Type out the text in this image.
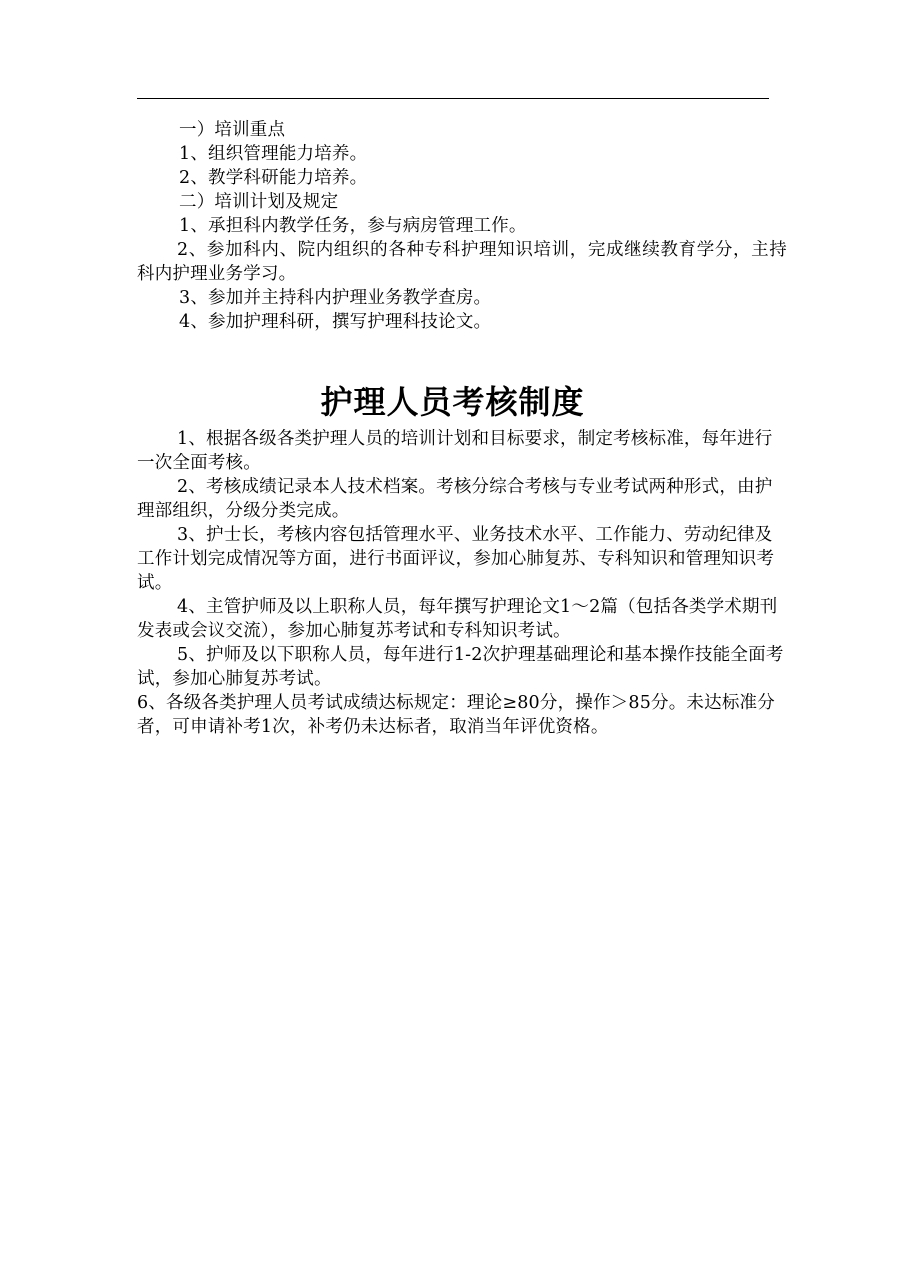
一）培训重点
1、组织管理能力培养。
2、教学科研能力培养。
二）培训计划及规定
1、承担科内教学任务，参与病房管理工作。
2、参加科内、院内组织的各种专科护理知识培训，完成继续教育学分，主持科内护理业务学习。
3、参加并主持科内护理业务教学查房。
4、参加护理科研，撰写护理科技论文。
护理人员考核制度

1、根据各级各类护理人员的培训计划和目标要求，制定考核标准，每年进行一次全面考核。

2、考核成绩记录本人技术档案。考核分综合考核与专业考试两种形式，由护理部组织，分级分类完成。

3、护士长，考核内容包括管理水平、业务技术水平、工作能力、劳动纪律及工作计划完成情况等方面，进行书面评议，参加心肺复苏、专科知识和管理知识考试。

4、主管护师及以上职称人员，每年撰写护理论文1～2篇（包括各类学术期刊发表或会议交流），参加心肺复苏考试和专科知识考试。

5、护师及以下职称人员，每年进行1-2次护理基础理论和基本操作技能全面考试，参加心肺复苏考试。

6、各级各类护理人员考试成绩达标规定：理论≥80分，操作＞85分。未达标准分者，可申请补考1次，补考仍未达标者，取消当年评优资格。
